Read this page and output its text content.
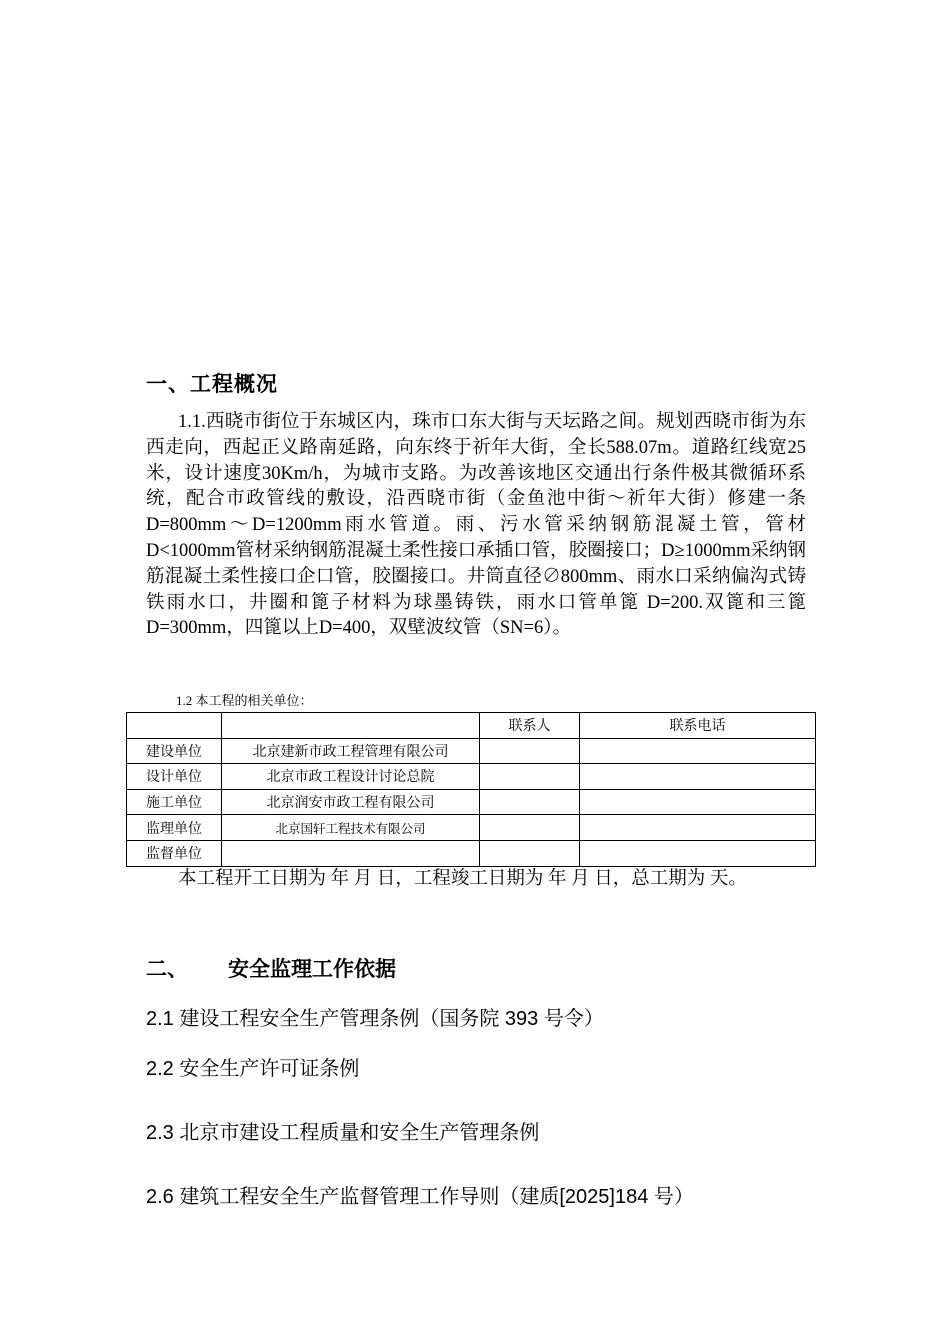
一、工程概况
1.1.西晓市街位于东城区内，珠市口东大街与天坛路之间。规划西晓市街为东西走向，西起正义路南延路，向东终于祈年大街，全长588.07m。道路红线宽25米，设计速度30Km/h，为城市支路。为改善该地区交通出行条件极其微循环系统，配合市政管线的敷设，沿西晓市街（金鱼池中街～祈年大街）修建一条 D=800mm～D=1200mm雨水管道。雨、污水管采纳钢筋混凝土管，管材D<1000mm管材采纳钢筋混凝土柔性接口承插口管，胶圈接口；D≥1000mm采纳钢筋混凝土柔性接口企口管，胶圈接口。井筒直径∅800mm、雨水口采纳偏沟式铸铁雨水口，井圈和篦子材料为球墨铸铁，雨水口管单篦 D=200.双篦和三篦 D=300mm，四篦以上D=400，双壁波纹管（SN=6）。
1.2 本工程的相关单位：
		联系人	联系电话
建设单位	北京建新市政工程管理有限公司		
设计单位	北京市政工程设计讨论总院		
施工单位	北京润安市政工程有限公司		
监理单位	北京国轩工程技术有限公司		
监督单位			
本工程开工日期为 年 月 日，工程竣工日期为 年 月 日，总工期为 天。
二、 安全监理工作依据
2.1 建设工程安全生产管理条例（国务院 393 号令）
2.2 安全生产许可证条例
2.3 北京市建设工程质量和安全生产管理条例
2.6 建筑工程安全生产监督管理工作导则（建质[2025]184 号）
